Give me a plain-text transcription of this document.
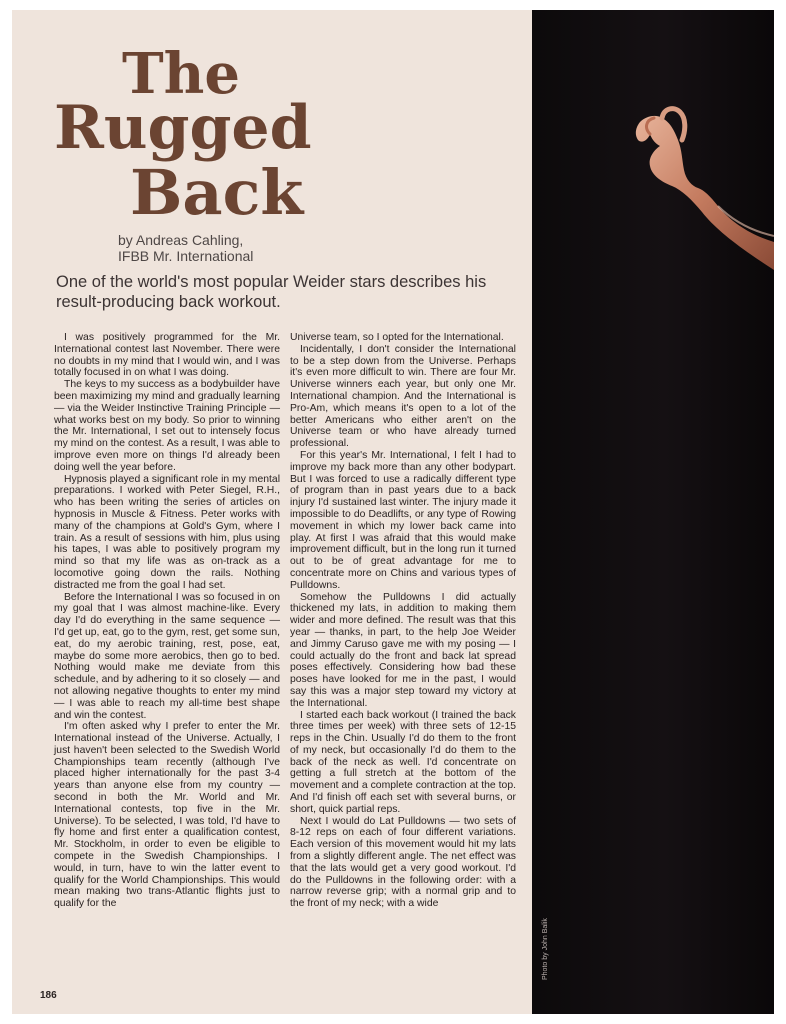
The
Rugged
Back
by Andreas Cahling,
IFBB Mr. International
One of the world's most popular Weider stars describes his result-producing back workout.

I was positively programmed for the Mr. International contest last November. There were no doubts in my mind that I would win, and I was totally focused in on what I was doing.

The keys to my success as a bodybuilder have been maximizing my mind and gradually learning — via the Weider Instinctive Training Principle — what works best on my body. So prior to winning the Mr. International, I set out to intensely focus my mind on the contest. As a result, I was able to improve even more on things I'd already been doing well the year before.

Hypnosis played a significant role in my mental preparations. I worked with Peter Siegel, R.H., who has been writing the series of articles on hypnosis in Muscle & Fitness. Peter works with many of the champions at Gold's Gym, where I train. As a result of sessions with him, plus using his tapes, I was able to positively program my mind so that my life was as on-track as a locomotive going down the rails. Nothing distracted me from the goal I had set.

Before the International I was so focused in on my goal that I was almost machine-like. Every day I'd do everything in the same sequence — I'd get up, eat, go to the gym, rest, get some sun, eat, do my aerobic training, rest, pose, eat, maybe do some more aerobics, then go to bed. Nothing would make me deviate from this schedule, and by adhering to it so closely — and not allowing negative thoughts to enter my mind — I was able to reach my all-time best shape and win the contest.

I'm often asked why I prefer to enter the Mr. International instead of the Universe. Actually, I just haven't been selected to the Swedish World Championships team recently (although I've placed higher internationally for the past 3-4 years than anyone else from my country — second in both the Mr. World and Mr. International contests, top five in the Mr. Universe). To be selected, I was told, I'd have to fly home and first enter a qualification contest, Mr. Stockholm, in order to even be eligible to compete in the Swedish Championships. I would, in turn, have to win the latter event to qualify for the World Championships. This would mean making two trans-Atlantic flights just to qualify for the

Universe team, so I opted for the International.

Incidentally, I don't consider the International to be a step down from the Universe. Perhaps it's even more difficult to win. There are four Mr. Universe winners each year, but only one Mr. International champion. And the International is Pro-Am, which means it's open to a lot of the better Americans who either aren't on the Universe team or who have already turned professional.

For this year's Mr. International, I felt I had to improve my back more than any other bodypart. But I was forced to use a radically different type of program than in past years due to a back injury I'd sustained last winter. The injury made it impossible to do Deadlifts, or any type of Rowing movement in which my lower back came into play. At first I was afraid that this would make improvement difficult, but in the long run it turned out to be of great advantage for me to concentrate more on Chins and various types of Pulldowns.

Somehow the Pulldowns I did actually thickened my lats, in addition to making them wider and more defined. The result was that this year — thanks, in part, to the help Joe Weider and Jimmy Caruso gave me with my posing — I could actually do the front and back lat spread poses effectively. Considering how bad these poses have looked for me in the past, I would say this was a major step toward my victory at the International.

I started each back workout (I trained the back three times per week) with three sets of 12-15 reps in the Chin. Usually I'd do them to the front of my neck, but occasionally I'd do them to the back of the neck as well. I'd concentrate on getting a full stretch at the bottom of the movement and a complete contraction at the top. And I'd finish off each set with several burns, or short, quick partial reps.

Next I would do Lat Pulldowns — two sets of 8-12 reps on each of four different variations. Each version of this movement would hit my lats from a slightly different angle. The net effect was that the lats would get a very good workout. I'd do the Pulldowns in the following order: with a narrow reverse grip; with a normal grip and to the front of my neck; with a wide

186
Photo by John Balik
